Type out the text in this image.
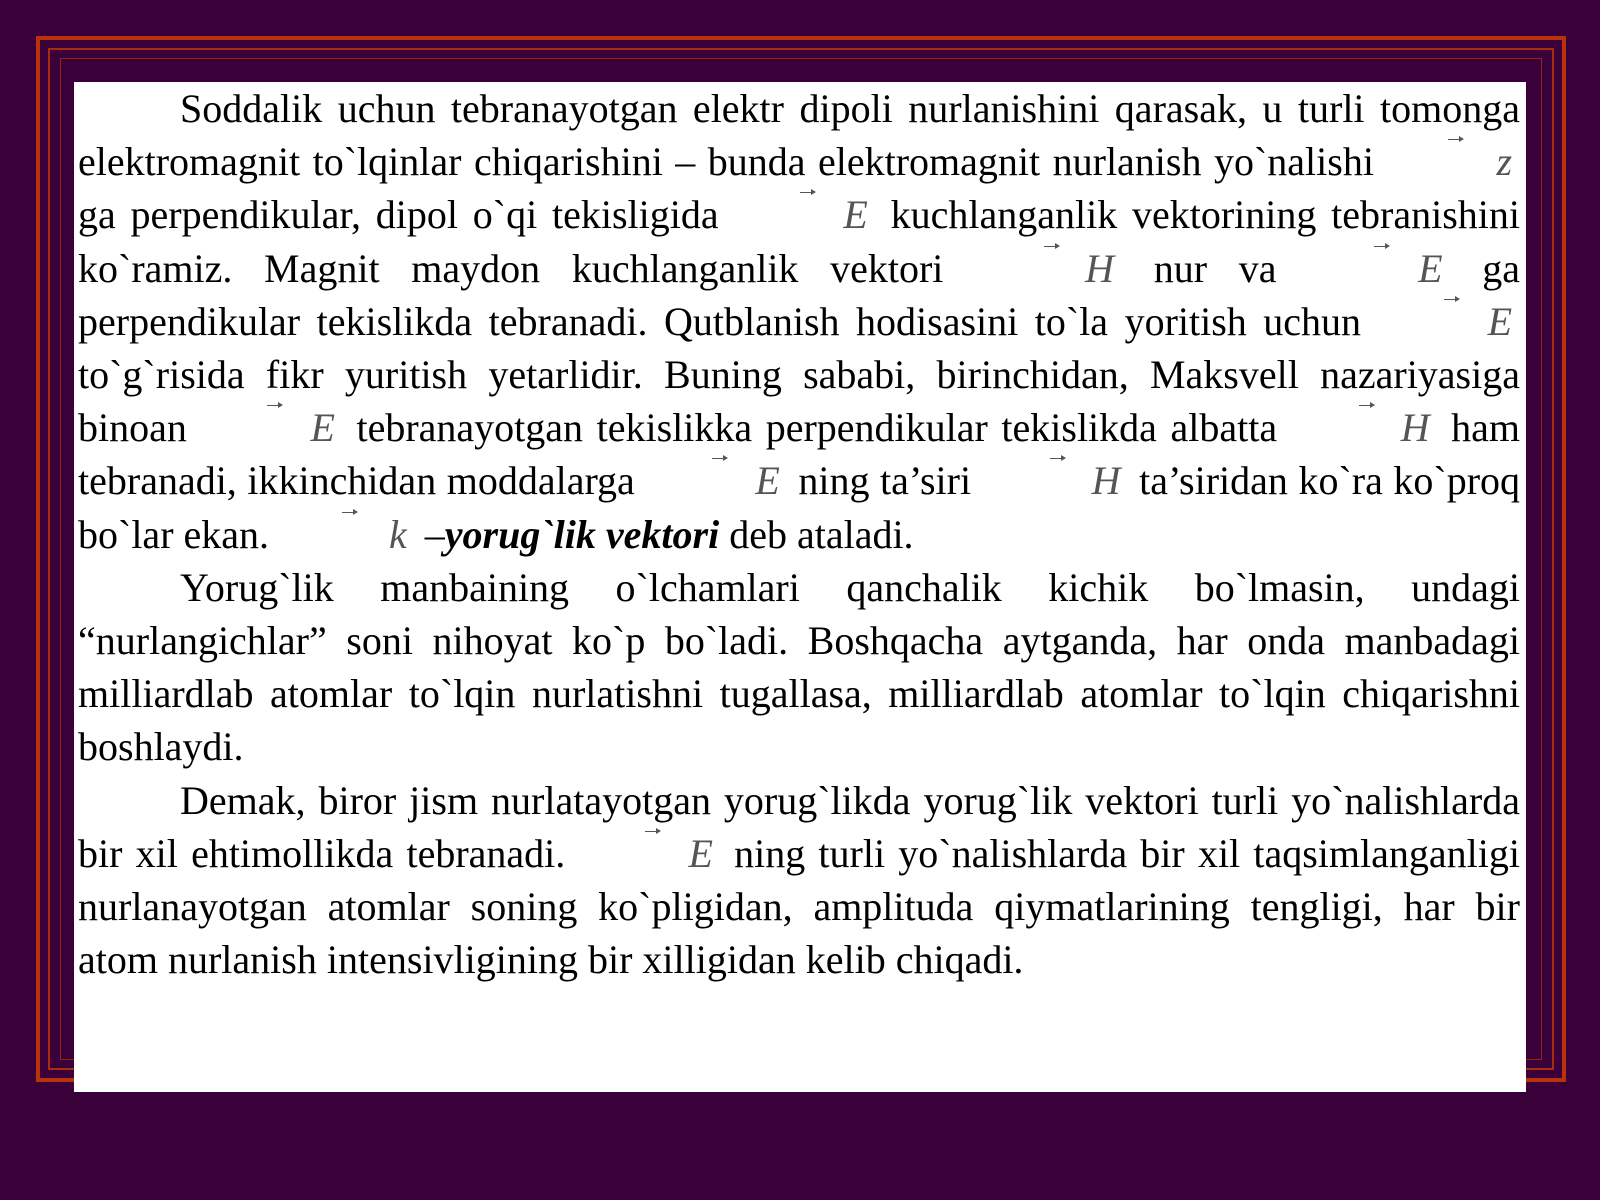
Soddalik uchun tebranayotgan elektr dipoli nurlanishini qarasak, u turli tomonga elektromagnit to`lqinlar chiqarishini – bunda elektromagnit nurlanish yo`nalishi	z ga perpendikular, dipol o`qi tekisligida	E kuchlanganlik vektorining tebranishini ko`ramiz. Magnit maydon kuchlanganlik vektori	H nur va	E ga perpendikular tekislikda tebranadi. Qutblanish hodisasini to`la yoritish uchun	E to`g`risida fikr yuritish yetarlidir. Buning sababi, birinchidan, Maksvell nazariyasiga binoan	E tebranayotgan tekislikka perpendikular tekislikda albatta	H ham tebranadi, ikkinchidan moddalarga	E ning ta’siri	H ta’siridan ko`ra ko`proq bo`lar ekan.	k –yorug`lik vektori deb ataladi.

Yorug`lik manbaining o`lchamlari qanchalik kichik bo`lmasin, undagi “nurlangichlar” soni nihoyat ko`p bo`ladi. Boshqacha aytganda, har onda manbadagi milliardlab atomlar to`lqin nurlatishni tugallasa, milliardlab atomlar to`lqin chiqarishni boshlaydi.

Demak, biror jism nurlatayotgan yorug`likda yorug`lik vektori turli yo`nalishlarda bir xil ehtimollikda tebranadi.	E ning turli yo`nalishlarda bir xil taqsimlanganligi nurlanayotgan atomlar soning ko`pligidan, amplituda qiymatlarining tengligi, har bir atom nurlanish intensivligining bir xilligidan kelib chiqadi.
